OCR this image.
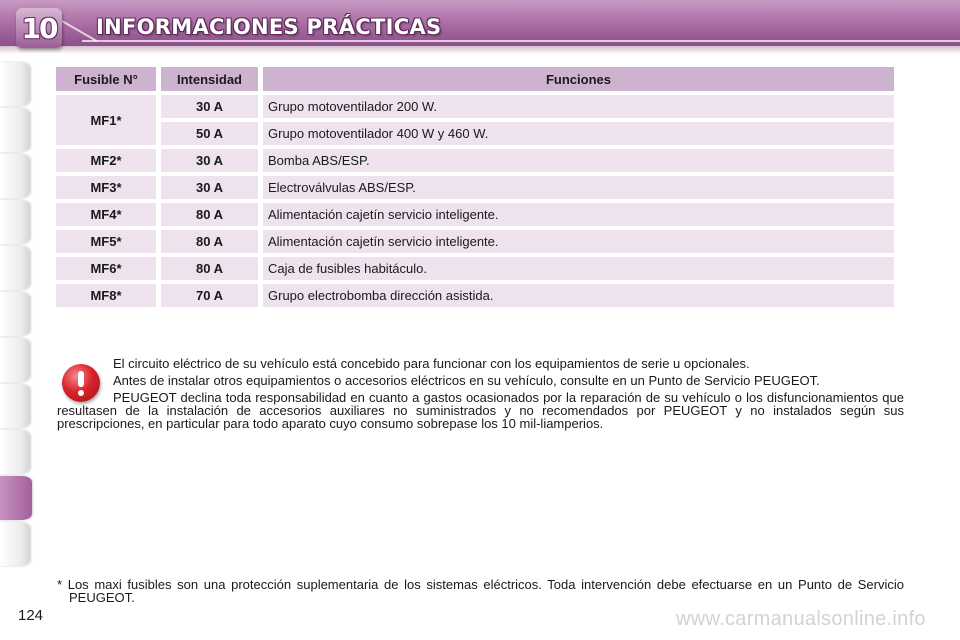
10 INFORMACIONES PRÁCTICAS
Fusible N°	Intensidad	Funciones
MF1*	30 A	Grupo motoventilador 200 W.
	50 A	Grupo motoventilador 400 W y 460 W.
MF2*	30 A	Bomba ABS/ESP.
MF3*	30 A	Electroválvulas ABS/ESP.
MF4*	80 A	Alimentación cajetín servicio inteligente.
MF5*	80 A	Alimentación cajetín servicio inteligente.
MF6*	80 A	Caja de fusibles habitáculo.
MF8*	70 A	Grupo electrobomba dirección asistida.

El circuito eléctrico de su vehículo está concebido para funcionar con los equipamientos de serie u opcionales.

Antes de instalar otros equipamientos o accesorios eléctricos en su vehículo, consulte en un Punto de Servicio PEUGEOT.

PEUGEOT declina toda responsabilidad en cuanto a gastos ocasionados por la reparación de su vehículo o los disfuncionamientos que resultasen de la instalación de accesorios auxiliares no suministrados y no recomendados por PEUGEOT y no instalados según sus prescripciones, en particular para todo aparato cuyo consumo sobrepase los 10 mil-liamperios.

* Los maxi fusibles son una protección suplementaria de los sistemas eléctricos. Toda intervención debe efectuarse en un Punto de Servicio PEUGEOT.
124	www.carmanualsonline.info
